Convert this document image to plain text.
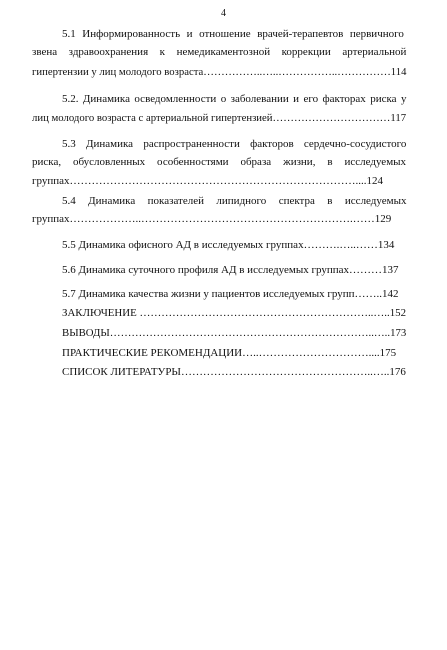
4
5.1 Информированность и отношение врачей-терапевтов первичного
звена здравоохранения к немедикаментозной коррекции артериальной
гипертензии у лиц молодого возраста……………..…..……………..……………114
5.2. Динамика осведомленности о заболевании и его факторах риска у
лиц молодого возраста с артериальной гипертензией……………………………117
5.3 Динамика распространенности факторов сердечно-сосудистого
риска, обусловленных особенностями образа жизни, в исследуемых
группах……………………………………………………………………....124
5.4 Динамика показателей липидного спектра в исследуемых
группах………………..………………………………………………….……129
5.5 Динамика офисного АД в исследуемых группах……….…..……134
5.6 Динамика суточного профиля АД в исследуемых группах………137
5.7 Динамика качества жизни у пациентов исследуемых групп……..142
ЗАКЛЮЧЕНИЕ ………………………………………………………..…..152
ВЫВОДЫ………………………………………………………………..…..173
ПРАКТИЧЕСКИЕ РЕКОМЕНДАЦИИ…..…………………………....175
СПИСОК ЛИТЕРАТУРЫ……………………………………………..…..176
